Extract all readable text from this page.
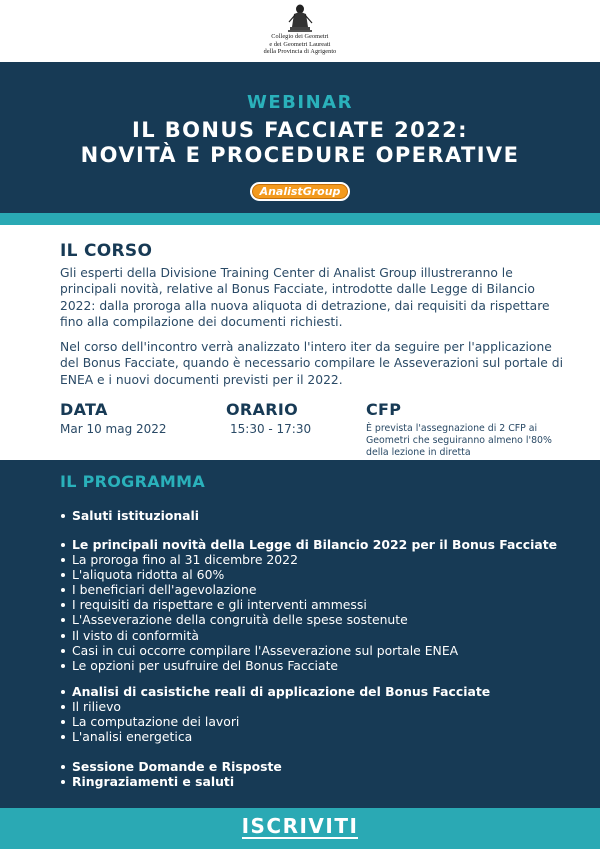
Collegio dei Geometri
e dei Geometri Laureati
della Provincia di Agrigento
WEBINAR
IL BONUS FACCIATE 2022:
NOVITÀ E PROCEDURE OPERATIVE
AnalistGroup
IL CORSO

Gli esperti della Divisione Training Center di Analist Group illustreranno le principali novità, relative al Bonus Facciate, introdotte dalle Legge di Bilancio 2022: dalla proroga alla nuova aliquota di detrazione, dai requisiti da rispettare fino alla compilazione dei documenti richiesti.

Nel corso dell'incontro verrà analizzato l'intero iter da seguire per l'applicazione del Bonus Facciate, quando è necessario compilare le Asseverazioni sul portale di ENEA e i nuovi documenti previsti per il 2022.

DATA
Mar 10 mag 2022
ORARIO
15:30 - 17:30
CFP
È prevista l'assegnazione di 2 CFP ai Geometri che seguiranno almeno l'80% della lezione in diretta
IL PROGRAMMA
Saluti istituzionali
Le principali novità della Legge di Bilancio 2022 per il Bonus Facciate
La proroga fino al 31 dicembre 2022
L'aliquota ridotta al 60%
I beneficiari dell'agevolazione
I requisiti da rispettare e gli interventi ammessi
L'Asseverazione della congruità delle spese sostenute
Il visto di conformità
Casi in cui occorre compilare l'Asseverazione sul portale ENEA
Le opzioni per usufruire del Bonus Facciate
Analisi di casistiche reali di applicazione del Bonus Facciate
Il rilievo
La computazione dei lavori
L'analisi energetica
Sessione Domande e Risposte
Ringraziamenti e saluti
ISCRIVITI
